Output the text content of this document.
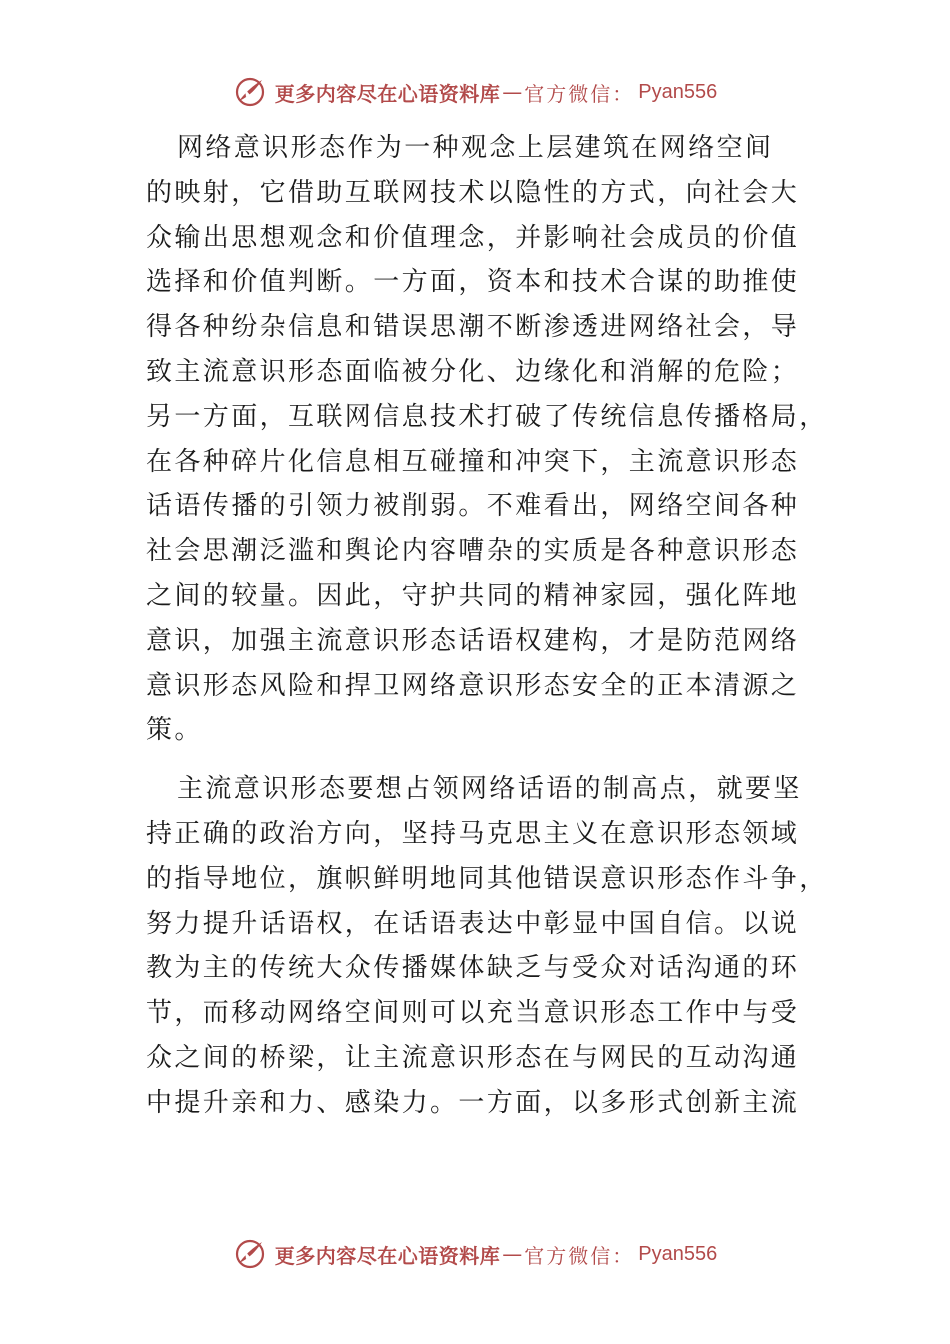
更多内容尽在心语资料库 — 官方微信： Pyan556

网络意识形态作为一种观念上层建筑在网络空间
的映射，它借助互联网技术以隐性的方式，向社会大
众输出思想观念和价值理念，并影响社会成员的价值
选择和价值判断。一方面，资本和技术合谋的助推使
得各种纷杂信息和错误思潮不断渗透进网络社会，导
致主流意识形态面临被分化、边缘化和消解的危险；
另一方面，互联网信息技术打破了传统信息传播格局，
在各种碎片化信息相互碰撞和冲突下，主流意识形态
话语传播的引领力被削弱。不难看出，网络空间各种
社会思潮泛滥和舆论内容嘈杂的实质是各种意识形态
之间的较量。因此，守护共同的精神家园，强化阵地
意识，加强主流意识形态话语权建构，才是防范网络
意识形态风险和捍卫网络意识形态安全的正本清源之
策。

主流意识形态要想占领网络话语的制高点，就要坚
持正确的政治方向，坚持马克思主义在意识形态领域
的指导地位，旗帜鲜明地同其他错误意识形态作斗争，
努力提升话语权，在话语表达中彰显中国自信。以说
教为主的传统大众传播媒体缺乏与受众对话沟通的环
节，而移动网络空间则可以充当意识形态工作中与受
众之间的桥梁，让主流意识形态在与网民的互动沟通
中提升亲和力、感染力。一方面，以多形式创新主流

更多内容尽在心语资料库 — 官方微信： Pyan556
